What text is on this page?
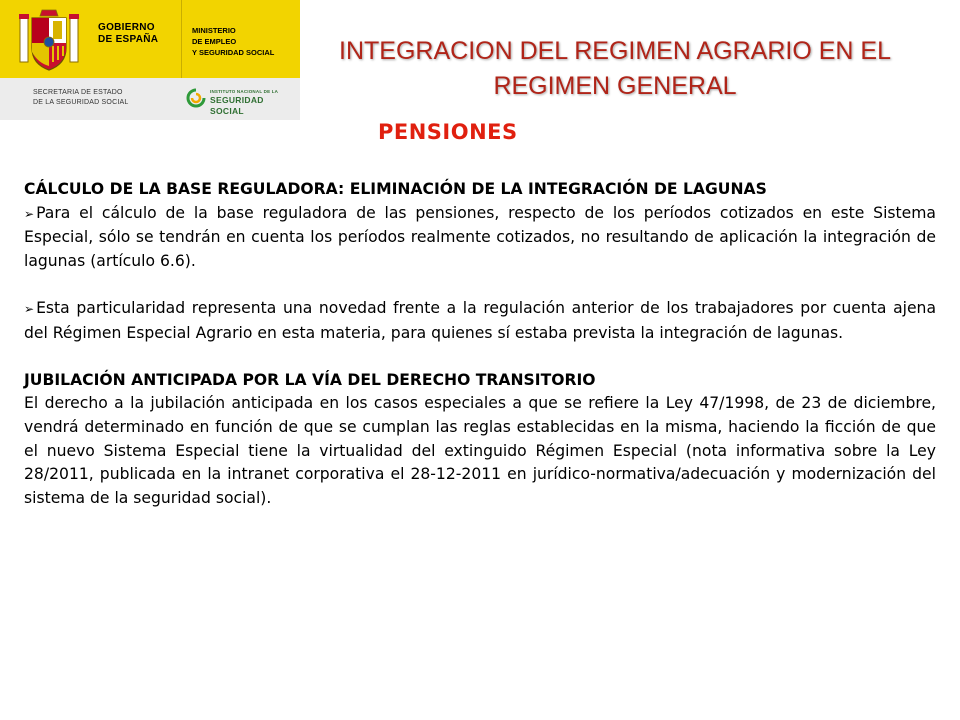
GOBIERNO
DE ESPAÑA
MINISTERIO
DE EMPLEO
Y SEGURIDAD SOCIAL
SECRETARIA DE ESTADO
DE LA SEGURIDAD SOCIAL
INSTITUTO NACIONAL DE LA
SEGURIDAD SOCIAL
INTEGRACION DEL REGIMEN AGRARIO EN EL
REGIMEN GENERAL
PENSIONES

CÁLCULO DE LA BASE REGULADORA: ELIMINACIÓN DE LA INTEGRACIÓN DE LAGUNAS

➢ Para el cálculo de la base reguladora de las pensiones, respecto de los períodos cotizados en este Sistema Especial, sólo se tendrán en cuenta los períodos realmente cotizados, no resultando de aplicación la integración de lagunas (artículo 6.6).

➢ Esta particularidad representa una novedad frente a la regulación anterior de los trabajadores por cuenta ajena del Régimen Especial Agrario en esta materia, para quienes sí estaba prevista la integración de lagunas.

JUBILACIÓN ANTICIPADA POR LA VÍA DEL DERECHO TRANSITORIO

El derecho a la jubilación anticipada en los casos especiales a que se refiere la Ley 47/1998, de 23 de diciembre, vendrá determinado en función de que se cumplan las reglas establecidas en la misma, haciendo la ficción de que el nuevo Sistema Especial tiene la virtualidad del extinguido Régimen Especial (nota informativa sobre la Ley 28/2011, publicada en la intranet corporativa el 28-12-2011 en jurídico-normativa/adecuación y modernización del sistema de la seguridad social).
